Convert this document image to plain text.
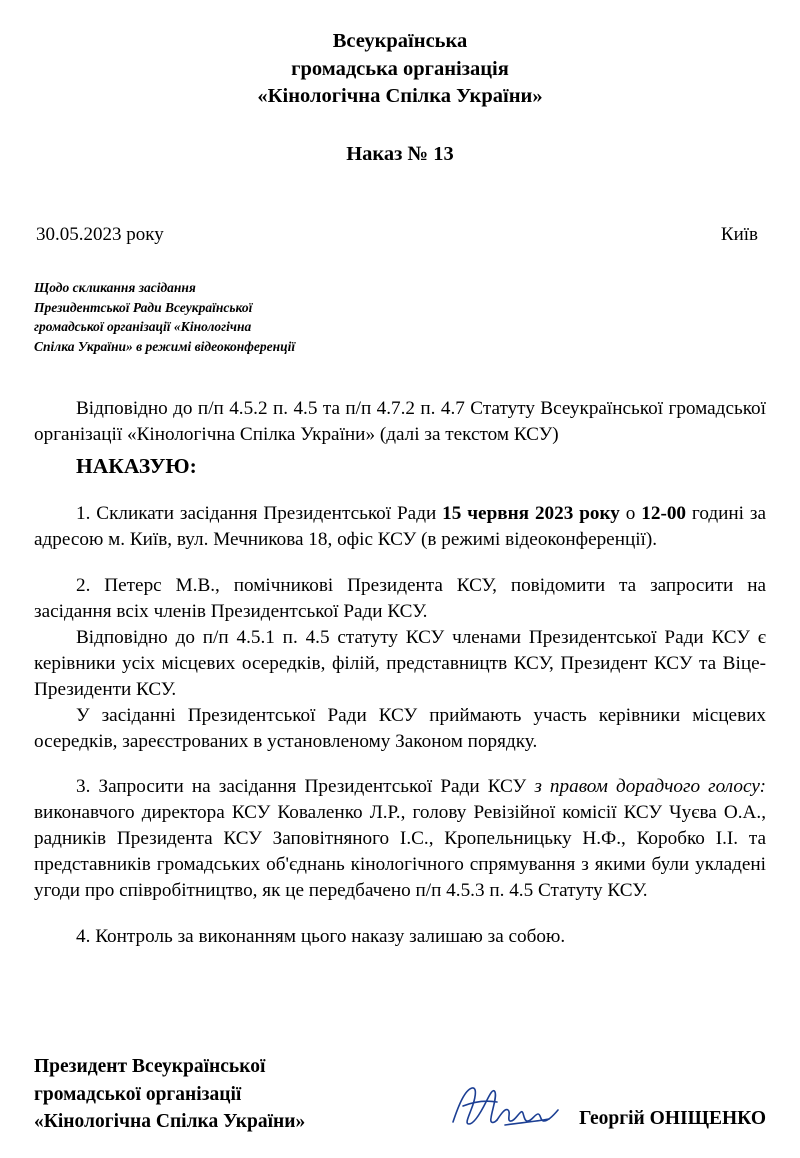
Всеукраїнська
громадська організація
«Кінологічна Спілка України»
Наказ № 13
30.05.2023 року	Київ
Щодо скликання засідання
Президентської Ради Всеукраїнської
громадської організації «Кінологічна
Спілка України» в режимі відеоконференції

Відповідно до п/п 4.5.2 п. 4.5 та п/п 4.7.2 п. 4.7 Статуту Всеукраїнської громадської організації «Кінологічна Спілка України» (далі за текстом КСУ)

НАКАЗУЮ:

1. Скликати засідання Президентської Ради 15 червня 2023 року о 12-00 годині за адресою м. Київ, вул. Мечникова 18, офіс КСУ (в режимі відеоконференції).

2. Петерс М.В., помічникові Президента КСУ, повідомити та запросити на засідання всіх членів Президентської Ради КСУ.

Відповідно до п/п 4.5.1 п. 4.5 статуту КСУ членами Президентської Ради КСУ є керівники усіх місцевих осередків, філій, представництв КСУ, Президент КСУ та Віце-Президенти КСУ.

У засіданні Президентської Ради КСУ приймають участь керівники місцевих осередків, зареєстрованих в установленому Законом порядку.

3. Запросити на засідання Президентської Ради КСУ з правом дорадчого голосу: виконавчого директора КСУ Коваленко Л.Р., голову Ревізійної комісії КСУ Чуєва О.А., радників Президента КСУ Заповітняного І.С., Кропельницьку Н.Ф., Коробко І.І. та представників громадських об'єднань кінологічного спрямування з якими були укладені угоди про співробітництво, як це передбачено п/п 4.5.3 п. 4.5 Статуту КСУ.

4. Контроль за виконанням цього наказу залишаю за собою.

Президент Всеукраїнської
громадської організації
«Кінологічна Спілка України»	Георгій ОНІЩЕНКО
